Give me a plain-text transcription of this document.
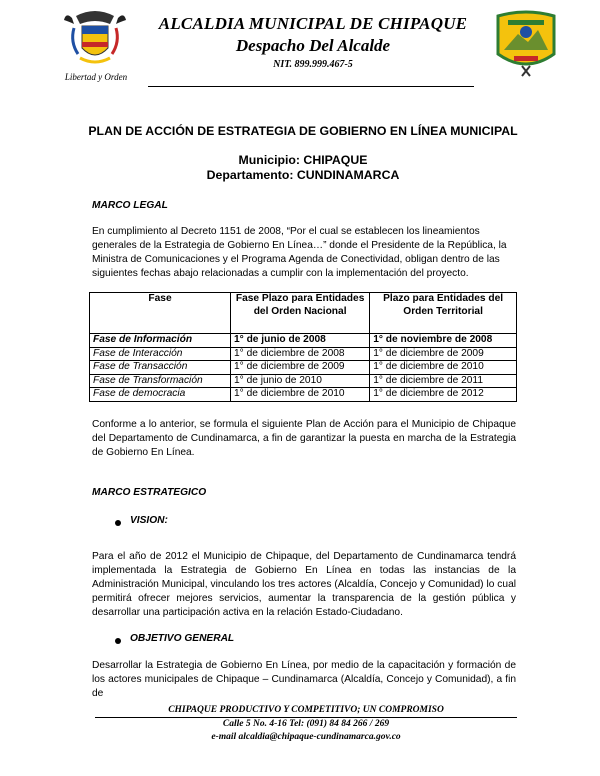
Libertad y Orden
ALCALDIA MUNICIPAL DE CHIPAQUE
Despacho Del Alcalde
NIT. 899.999.467-5
PLAN DE ACCIÓN DE ESTRATEGIA DE GOBIERNO EN LÍNEA MUNICIPAL
Municipio: CHIPAQUE
Departamento: CUNDINAMARCA
MARCO LEGAL
En cumplimiento al Decreto 1151 de 2008, “Por el cual se establecen los lineamientos generales de la Estrategia de Gobierno En Línea…” donde el Presidente de la República, la Ministra de Comunicaciones y el Programa Agenda de Conectividad, obligan dentro de las siguientes fechas abajo relacionadas a cumplir con la implementación del proyecto.
Fase	Fase Plazo para Entidades del Orden Nacional	Plazo para Entidades del Orden Territorial
Fase de Información	1° de junio de 2008	1° de noviembre de 2008
Fase de Interacción	1° de diciembre de 2008	1° de diciembre de 2009
Fase de Transacción	1° de diciembre de 2009	1° de diciembre de 2010
Fase de Transformación	1° de junio de 2010	1° de diciembre de 2011
Fase de democracia	1° de diciembre de 2010	1° de diciembre de 2012
Conforme a lo anterior, se formula el siguiente Plan de Acción para el Municipio de Chipaque del Departamento de Cundinamarca, a fin de garantizar la puesta en marcha de la Estrategia de Gobierno En Línea.
MARCO ESTRATEGICO
VISION:
Para el año de 2012 el Municipio de Chipaque, del Departamento de Cundinamarca tendrá implementada la Estrategia de Gobierno En Línea en todas las instancias de la Administración Municipal, vinculando los tres actores (Alcaldía, Concejo y Comunidad) lo cual permitirá ofrecer mejores servicios, aumentar la transparencia de la gestión pública y desarrollar una participación activa en la relación Estado-Ciudadano.
OBJETIVO GENERAL
Desarrollar la Estrategia de Gobierno En Línea, por medio de la capacitación y formación de los actores municipales de Chipaque – Cundinamarca (Alcaldía, Concejo y Comunidad), a fin de
CHIPAQUE PRODUCTIVO Y COMPETITIVO; UN COMPROMISO
Calle 5 No. 4-16 Tel: (091) 84 84 266 / 269
e-mail alcaldia@chipaque-cundinamarca.gov.co
